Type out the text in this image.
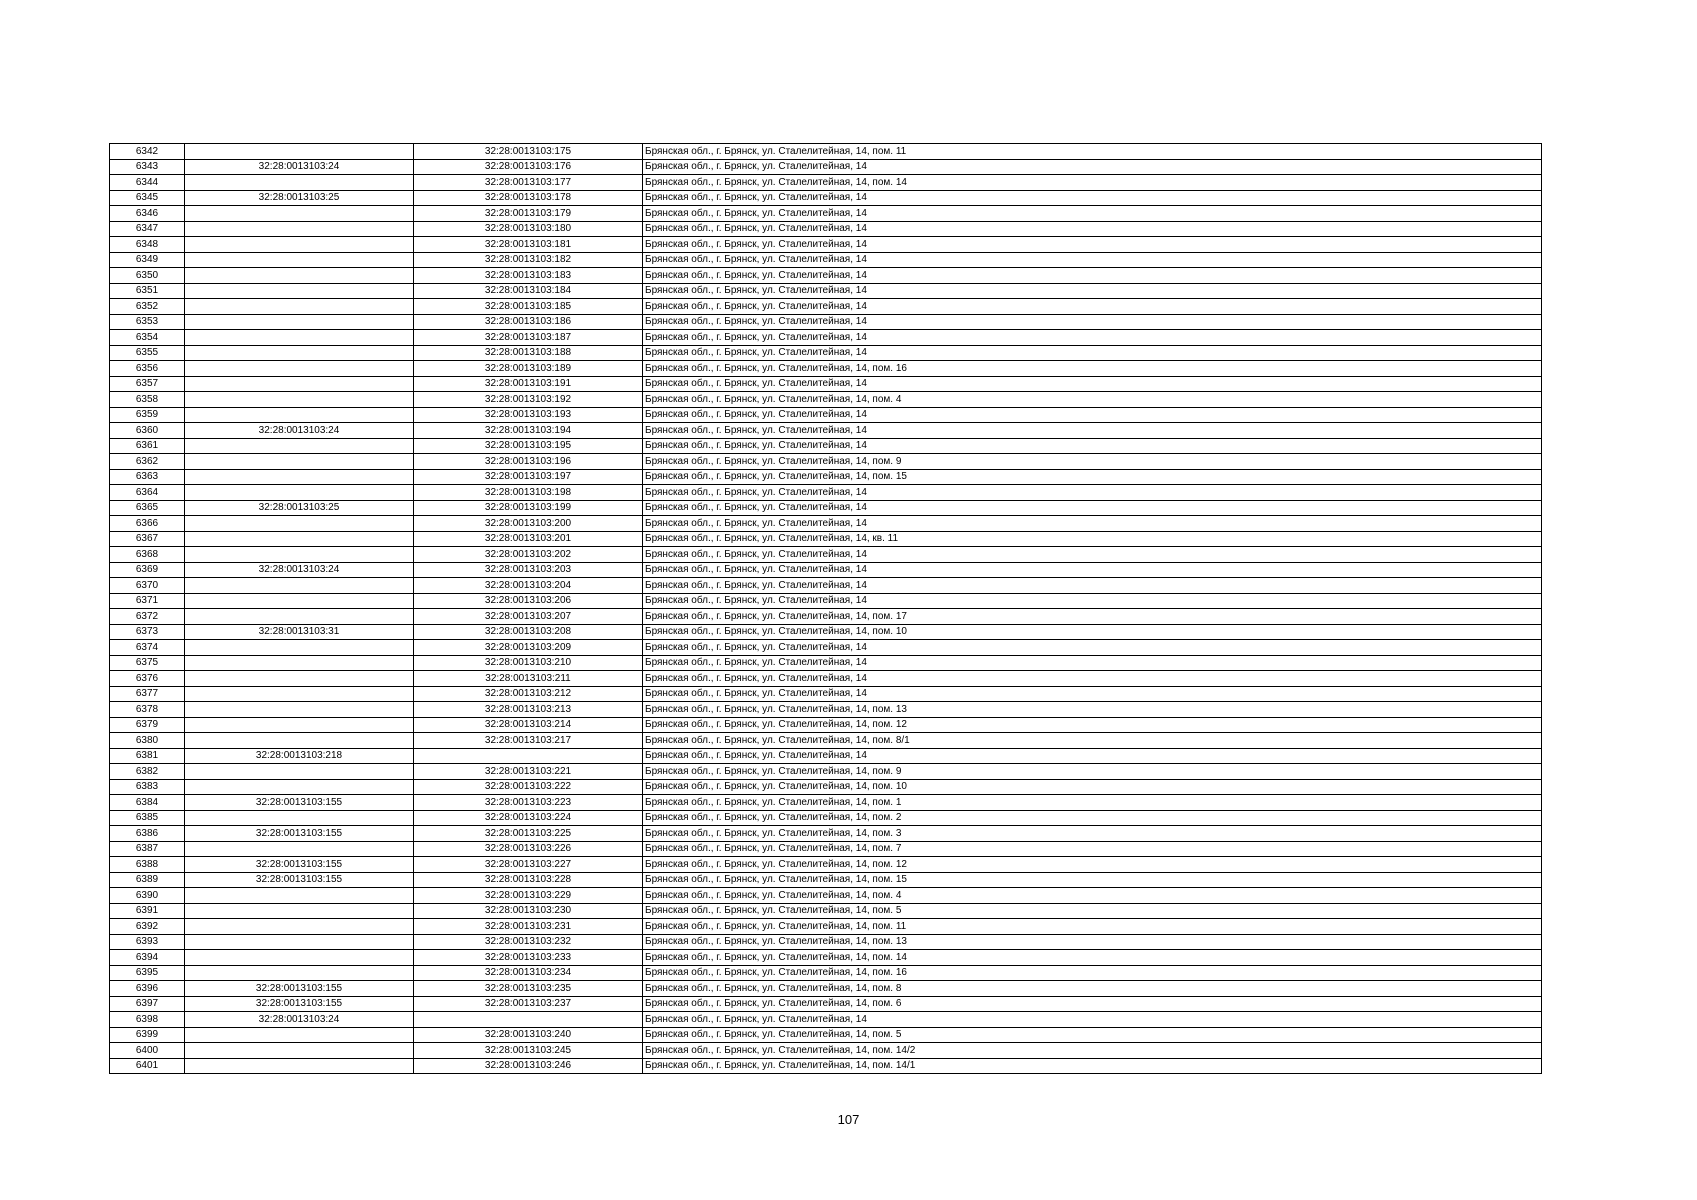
6342		32:28:0013103:175	Брянская обл., г. Брянск, ул. Сталелитейная, 14, пом. 11
6343	32:28:0013103:24	32:28:0013103:176	Брянская обл., г. Брянск, ул. Сталелитейная, 14
6344		32:28:0013103:177	Брянская обл., г. Брянск, ул. Сталелитейная, 14, пом. 14
6345	32:28:0013103:25	32:28:0013103:178	Брянская обл., г. Брянск, ул. Сталелитейная, 14
6346		32:28:0013103:179	Брянская обл., г. Брянск, ул. Сталелитейная, 14
6347		32:28:0013103:180	Брянская обл., г. Брянск, ул. Сталелитейная, 14
6348		32:28:0013103:181	Брянская обл., г. Брянск, ул. Сталелитейная, 14
6349		32:28:0013103:182	Брянская обл., г. Брянск, ул. Сталелитейная, 14
6350		32:28:0013103:183	Брянская обл., г. Брянск, ул. Сталелитейная, 14
6351		32:28:0013103:184	Брянская обл., г. Брянск, ул. Сталелитейная, 14
6352		32:28:0013103:185	Брянская обл., г. Брянск, ул. Сталелитейная, 14
6353		32:28:0013103:186	Брянская обл., г. Брянск, ул. Сталелитейная, 14
6354		32:28:0013103:187	Брянская обл., г. Брянск, ул. Сталелитейная, 14
6355		32:28:0013103:188	Брянская обл., г. Брянск, ул. Сталелитейная, 14
6356		32:28:0013103:189	Брянская обл., г. Брянск, ул. Сталелитейная, 14, пом. 16
6357		32:28:0013103:191	Брянская обл., г. Брянск, ул. Сталелитейная, 14
6358		32:28:0013103:192	Брянская обл., г. Брянск, ул. Сталелитейная, 14, пом. 4
6359		32:28:0013103:193	Брянская обл., г. Брянск, ул. Сталелитейная, 14
6360	32:28:0013103:24	32:28:0013103:194	Брянская обл., г. Брянск, ул. Сталелитейная, 14
6361		32:28:0013103:195	Брянская обл., г. Брянск, ул. Сталелитейная, 14
6362		32:28:0013103:196	Брянская обл., г. Брянск, ул. Сталелитейная, 14, пом. 9
6363		32:28:0013103:197	Брянская обл., г. Брянск, ул. Сталелитейная, 14, пом. 15
6364		32:28:0013103:198	Брянская обл., г. Брянск, ул. Сталелитейная, 14
6365	32:28:0013103:25	32:28:0013103:199	Брянская обл., г. Брянск, ул. Сталелитейная, 14
6366		32:28:0013103:200	Брянская обл., г. Брянск, ул. Сталелитейная, 14
6367		32:28:0013103:201	Брянская обл., г. Брянск, ул. Сталелитейная, 14, кв. 11
6368		32:28:0013103:202	Брянская обл., г. Брянск, ул. Сталелитейная, 14
6369	32:28:0013103:24	32:28:0013103:203	Брянская обл., г. Брянск, ул. Сталелитейная, 14
6370		32:28:0013103:204	Брянская обл., г. Брянск, ул. Сталелитейная, 14
6371		32:28:0013103:206	Брянская обл., г. Брянск, ул. Сталелитейная, 14
6372		32:28:0013103:207	Брянская обл., г. Брянск, ул. Сталелитейная, 14, пом. 17
6373	32:28:0013103:31	32:28:0013103:208	Брянская обл., г. Брянск, ул. Сталелитейная, 14, пом. 10
6374		32:28:0013103:209	Брянская обл., г. Брянск, ул. Сталелитейная, 14
6375		32:28:0013103:210	Брянская обл., г. Брянск, ул. Сталелитейная, 14
6376		32:28:0013103:211	Брянская обл., г. Брянск, ул. Сталелитейная, 14
6377		32:28:0013103:212	Брянская обл., г. Брянск, ул. Сталелитейная, 14
6378		32:28:0013103:213	Брянская обл., г. Брянск, ул. Сталелитейная, 14, пом. 13
6379		32:28:0013103:214	Брянская обл., г. Брянск, ул. Сталелитейная, 14, пом. 12
6380		32:28:0013103:217	Брянская обл., г. Брянск, ул. Сталелитейная, 14, пом. 8/1
6381	32:28:0013103:218		Брянская обл., г. Брянск, ул. Сталелитейная, 14
6382		32:28:0013103:221	Брянская обл., г. Брянск, ул. Сталелитейная, 14, пом. 9
6383		32:28:0013103:222	Брянская обл., г. Брянск, ул. Сталелитейная, 14, пом. 10
6384	32:28:0013103:155	32:28:0013103:223	Брянская обл., г. Брянск, ул. Сталелитейная, 14, пом. 1
6385		32:28:0013103:224	Брянская обл., г. Брянск, ул. Сталелитейная, 14, пом. 2
6386	32:28:0013103:155	32:28:0013103:225	Брянская обл., г. Брянск, ул. Сталелитейная, 14, пом. 3
6387		32:28:0013103:226	Брянская обл., г. Брянск, ул. Сталелитейная, 14, пом. 7
6388	32:28:0013103:155	32:28:0013103:227	Брянская обл., г. Брянск, ул. Сталелитейная, 14, пом. 12
6389	32:28:0013103:155	32:28:0013103:228	Брянская обл., г. Брянск, ул. Сталелитейная, 14, пом. 15
6390		32:28:0013103:229	Брянская обл., г. Брянск, ул. Сталелитейная, 14, пом. 4
6391		32:28:0013103:230	Брянская обл., г. Брянск, ул. Сталелитейная, 14, пом. 5
6392		32:28:0013103:231	Брянская обл., г. Брянск, ул. Сталелитейная, 14, пом. 11
6393		32:28:0013103:232	Брянская обл., г. Брянск, ул. Сталелитейная, 14, пом. 13
6394		32:28:0013103:233	Брянская обл., г. Брянск, ул. Сталелитейная, 14, пом. 14
6395		32:28:0013103:234	Брянская обл., г. Брянск, ул. Сталелитейная, 14, пом. 16
6396	32:28:0013103:155	32:28:0013103:235	Брянская обл., г. Брянск, ул. Сталелитейная, 14, пом. 8
6397	32:28:0013103:155	32:28:0013103:237	Брянская обл., г. Брянск, ул. Сталелитейная, 14, пом. 6
6398	32:28:0013103:24		Брянская обл., г. Брянск, ул. Сталелитейная, 14
6399		32:28:0013103:240	Брянская обл., г. Брянск, ул. Сталелитейная, 14, пом. 5
6400		32:28:0013103:245	Брянская обл., г. Брянск, ул. Сталелитейная, 14, пом. 14/2
6401		32:28:0013103:246	Брянская обл., г. Брянск, ул. Сталелитейная, 14, пом. 14/1
107
